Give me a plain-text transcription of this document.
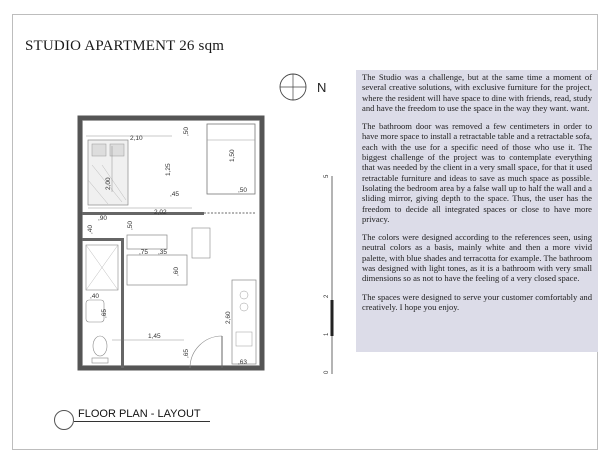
STUDIO APARTMENT 26 sqm
2,10
,50
1,25
1,50
2,00
,45
,50
2,02
,90
,40	,50
,75 ,35
,60
,40
,65	2,60
1,45
,65
,63
N
5
2
1
0

The Studio was a challenge, but at the same time a moment of several creative solutions, with exclusive furniture for the project, where the resident will have space to dine with friends, read, study and have the freedom to use the space in the way they want. want.

The bathroom door was removed a few centimeters in order to have more space to install a retractable table and a retractable sofa, each with the use for a specific need of those who use it. The biggest challenge of the project was to contemplate everything that was needed by the client in a very small space, for that it used retractable furniture and ideas to save as much space as possible. Isolating the bedroom area by a false wall up to half the wall and a sliding mirror, giving depth to the space. Thus, the user has the freedom to decide all integrated spaces or close to have more privacy.

The colors were designed according to the references seen, using neutral colors as a basis, mainly white and then a more vivid palette, with blue shades and terracotta for example. The bathroom was designed with light tones, as it is a bathroom with very small dimensions so as not to have the feeling of a very closed space.

The spaces were designed to serve your customer comfortably and creatively. I hope you enjoy.

FLOOR PLAN - LAYOUT
